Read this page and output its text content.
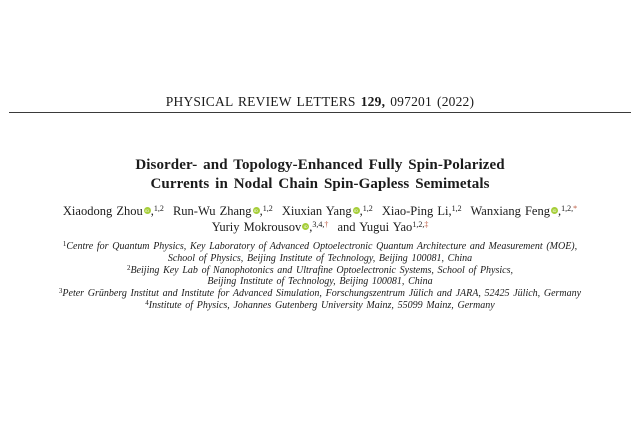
PHYSICAL REVIEW LETTERS 129, 097201 (2022)
Disorder- and Topology-Enhanced Fully Spin-Polarized
Currents in Nodal Chain Spin-Gapless Semimetals
Xiaodong Zhou iD ,1,2 Run-Wu Zhang iD ,1,2 Xiuxian Yang iD ,1,2 Xiao-Ping Li,1,2 Wanxiang Feng iD ,1,2,*
Yuriy Mokrousov iD ,3,4,† and Yugui Yao1,2,‡
1Centre for Quantum Physics, Key Laboratory of Advanced Optoelectronic Quantum Architecture and Measurement (MOE),
School of Physics, Beijing Institute of Technology, Beijing 100081, China
2Beijing Key Lab of Nanophotonics and Ultrafine Optoelectronic Systems, School of Physics,
Beijing Institute of Technology, Beijing 100081, China
3Peter Grünberg Institut and Institute for Advanced Simulation, Forschungszentrum Jülich and JARA, 52425 Jülich, Germany
4Institute of Physics, Johannes Gutenberg University Mainz, 55099 Mainz, Germany
